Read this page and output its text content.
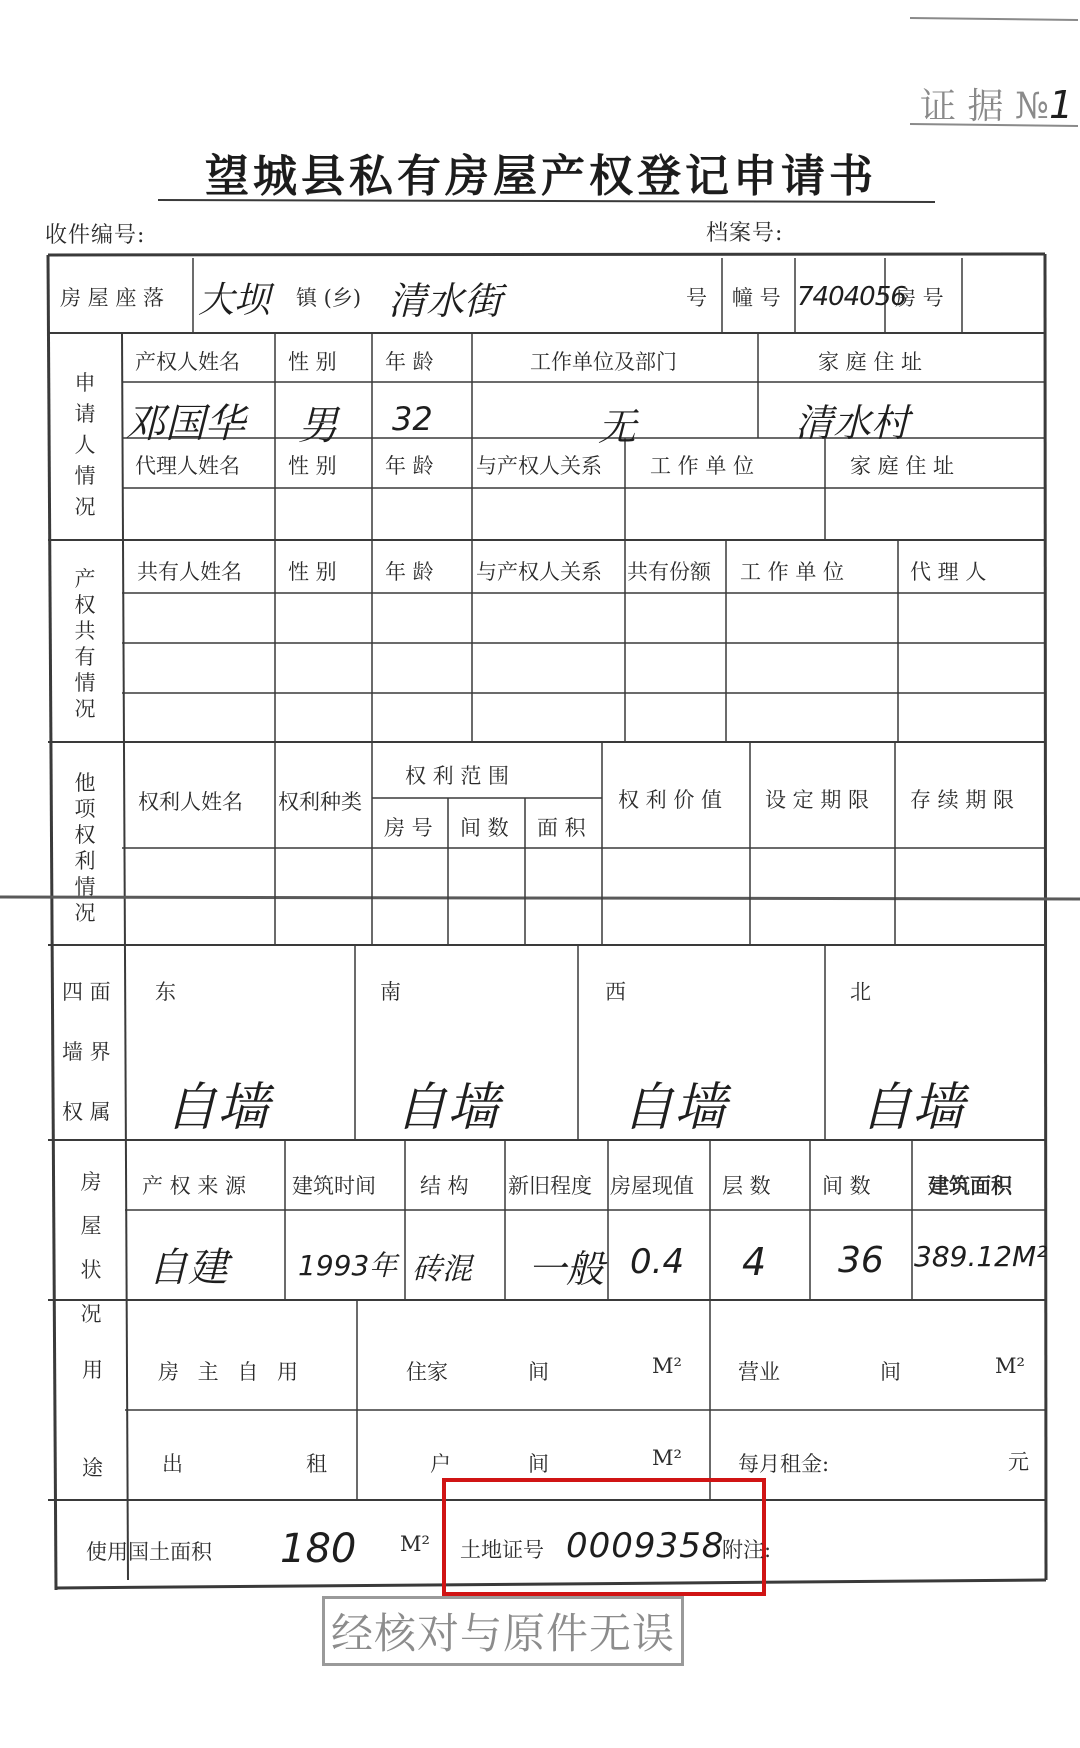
证 据 №1
望城县私有房屋产权登记申请书
收件编号:	档案号:
房 屋 座 落 大坝 镇 (乡) 清水街	号 幢 号 7404056
房 号
申请人情况
产权人姓名 性 别 年 龄	工作单位及部门	家 庭 住 址
邓国华 男 32	无	清水村
代理人姓名 性 别 年 龄 与产权人关系 工 作 单 位	家 庭 住 址
产权共有情况
共有人姓名 性 别 年 龄 与产权人关系 共有份额 工 作 单 位	代 理 人
他项权利情况
权利人姓名 权利种类
权 利 范 围
房 号 间 数 面 积
权 利 价 值 设 定 期 限 存 续 期 限
四 面
墙 界
权 属
东	南	西	北
自墙 自墙 自墙	自墙
房屋状况
产 权 来 源 建筑时间 结 构 新旧程度 房屋现值 层 数 间 数	建筑面积
自建	1993年 砖混 一般 0.4 4 36 389.12M²
用
途
房 主 自 用	住家	间	M²	营业	间	M²
出	租	户	间	M²	每月租金:	元
使用国土面积 180 M² 土地证号 0009358
附注:
经核对与原件无误
